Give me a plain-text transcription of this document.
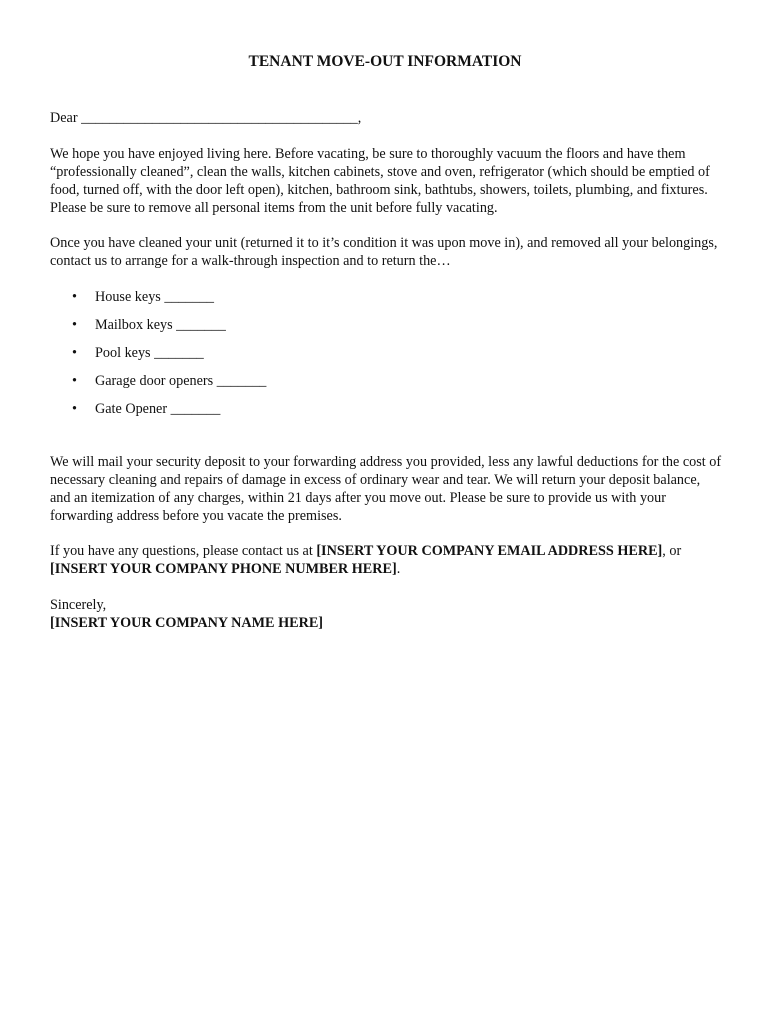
TENANT MOVE-OUT INFORMATION

Dear _______________________________________,

We hope you have enjoyed living here. Before vacating, be sure to thoroughly vacuum the floors and have them “professionally cleaned”, clean the walls, kitchen cabinets, stove and oven, refrigerator (which should be emptied of food, turned off, with the door left open), kitchen, bathroom sink, bathtubs, showers, toilets, plumbing, and fixtures. Please be sure to remove all personal items from the unit before fully vacating.

Once you have cleaned your unit (returned it to it’s condition it was upon move in), and removed all your belongings, contact us to arrange for a walk-through inspection and to return the…

•	House keys _______
•	Mailbox keys _______
•	Pool keys _______
•	Garage door openers _______
•	Gate Opener _______

We will mail your security deposit to your forwarding address you provided, less any lawful deductions for the cost of necessary cleaning and repairs of damage in excess of ordinary wear and tear. We will return your deposit balance, and an itemization of any charges, within 21 days after you move out. Please be sure to provide us with your forwarding address before you vacate the premises.

If you have any questions, please contact us at [INSERT YOUR COMPANY EMAIL ADDRESS HERE], or [INSERT YOUR COMPANY PHONE NUMBER HERE].

Sincerely,
[INSERT YOUR COMPANY NAME HERE]
